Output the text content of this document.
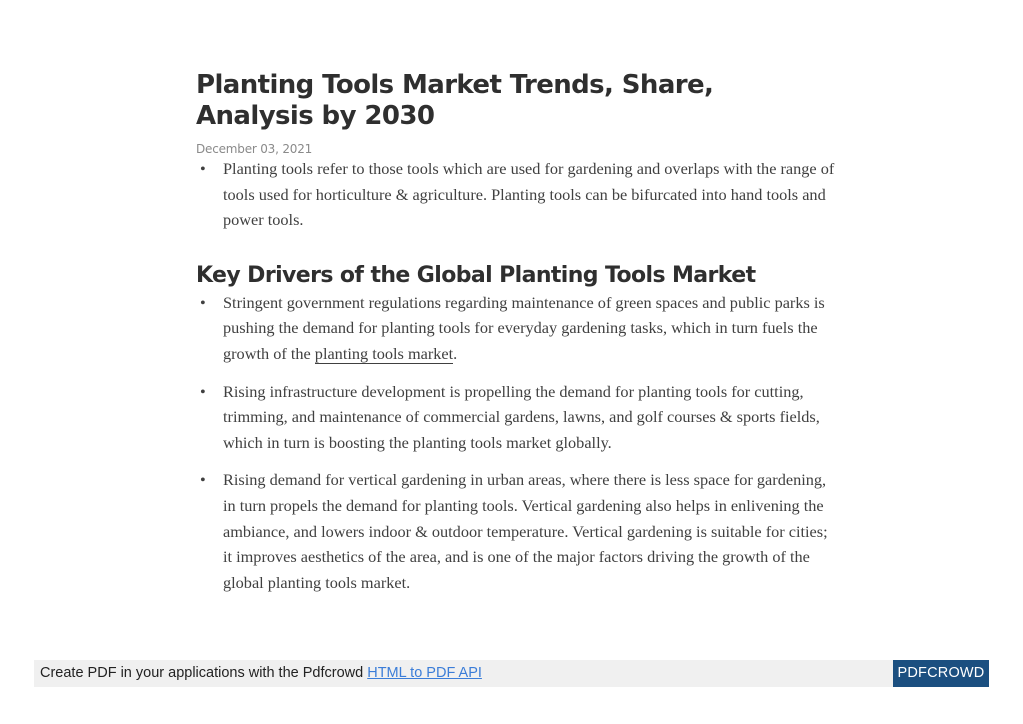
Planting Tools Market Trends, Share, Analysis by 2030
December 03, 2021
• Planting tools refer to those tools which are used for gardening and overlaps with the range of tools used for horticulture & agriculture. Planting tools can be bifurcated into hand tools and power tools.
Key Drivers of the Global Planting Tools Market
• Stringent government regulations regarding maintenance of green spaces and public parks is pushing the demand for planting tools for everyday gardening tasks, which in turn fuels the growth of the planting tools market.
• Rising infrastructure development is propelling the demand for planting tools for cutting, trimming, and maintenance of commercial gardens, lawns, and golf courses & sports fields, which in turn is boosting the planting tools market globally.
• Rising demand for vertical gardening in urban areas, where there is less space for gardening, in turn propels the demand for planting tools. Vertical gardening also helps in enlivening the ambiance, and lowers indoor & outdoor temperature. Vertical gardening is suitable for cities; it improves aesthetics of the area, and is one of the major factors driving the growth of the global planting tools market.
Create PDF in your applications with the Pdfcrowd HTML to PDF API	PDFCROWD
